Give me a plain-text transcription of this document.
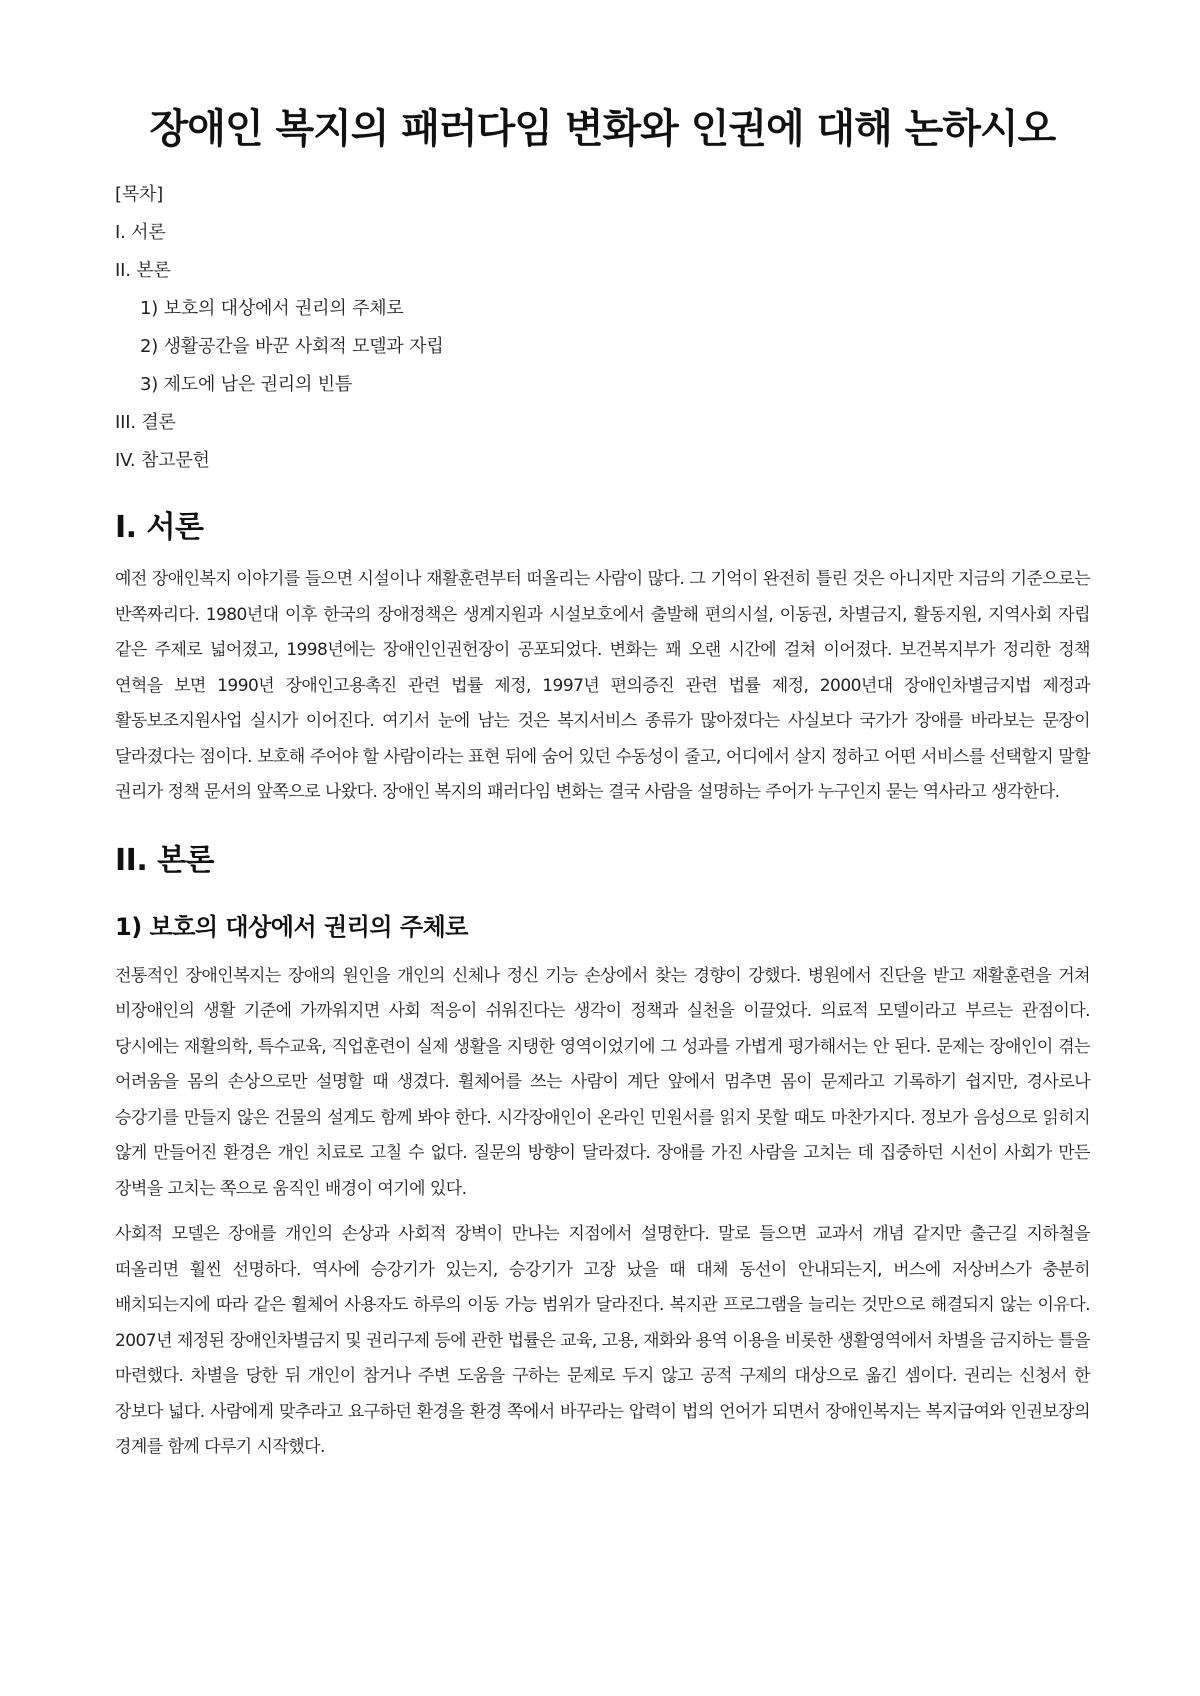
장애인 복지의 패러다임 변화와 인권에 대해 논하시오
[목차]
I. 서론
II. 본론
1) 보호의 대상에서 권리의 주체로
2) 생활공간을 바꾼 사회적 모델과 자립
3) 제도에 남은 권리의 빈틈
III. 결론
IV. 참고문헌
I. 서론

예전 장애인복지 이야기를 들으면 시설이나 재활훈련부터 떠올리는 사람이 많다. 그 기억이 완전히 틀린 것은 아니지만 지금의 기준으로는 반쪽짜리다. 1980년대 이후 한국의 장애정책은 생계지원과 시설보호에서 출발해 편의시설, 이동권, 차별금지, 활동지원, 지역사회 자립 같은 주제로 넓어졌고, 1998년에는 장애인인권헌장이 공포되었다. 변화는 꽤 오랜 시간에 걸쳐 이어졌다. 보건복지부가 정리한 정책 연혁을 보면 1990년 장애인고용촉진 관련 법률 제정, 1997년 편의증진 관련 법률 제정, 2000년대 장애인차별금지법 제정과 활동보조지원사업 실시가 이어진다. 여기서 눈에 남는 것은 복지서비스 종류가 많아졌다는 사실보다 국가가 장애를 바라보는 문장이 달라졌다는 점이다. 보호해 주어야 할 사람이라는 표현 뒤에 숨어 있던 수동성이 줄고, 어디에서 살지 정하고 어떤 서비스를 선택할지 말할 권리가 정책 문서의 앞쪽으로 나왔다. 장애인 복지의 패러다임 변화는 결국 사람을 설명하는 주어가 누구인지 묻는 역사라고 생각한다.

II. 본론
1) 보호의 대상에서 권리의 주체로

전통적인 장애인복지는 장애의 원인을 개인의 신체나 정신 기능 손상에서 찾는 경향이 강했다. 병원에서 진단을 받고 재활훈련을 거쳐 비장애인의 생활 기준에 가까워지면 사회 적응이 쉬워진다는 생각이 정책과 실천을 이끌었다. 의료적 모델이라고 부르는 관점이다. 당시에는 재활의학, 특수교육, 직업훈련이 실제 생활을 지탱한 영역이었기에 그 성과를 가볍게 평가해서는 안 된다. 문제는 장애인이 겪는 어려움을 몸의 손상으로만 설명할 때 생겼다. 휠체어를 쓰는 사람이 계단 앞에서 멈추면 몸이 문제라고 기록하기 쉽지만, 경사로나 승강기를 만들지 않은 건물의 설계도 함께 봐야 한다. 시각장애인이 온라인 민원서를 읽지 못할 때도 마찬가지다. 정보가 음성으로 읽히지 않게 만들어진 환경은 개인 치료로 고칠 수 없다. 질문의 방향이 달라졌다. 장애를 가진 사람을 고치는 데 집중하던 시선이 사회가 만든 장벽을 고치는 쪽으로 움직인 배경이 여기에 있다.

사회적 모델은 장애를 개인의 손상과 사회적 장벽이 만나는 지점에서 설명한다. 말로 들으면 교과서 개념 같지만 출근길 지하철을 떠올리면 훨씬 선명하다. 역사에 승강기가 있는지, 승강기가 고장 났을 때 대체 동선이 안내되는지, 버스에 저상버스가 충분히 배치되는지에 따라 같은 휠체어 사용자도 하루의 이동 가능 범위가 달라진다. 복지관 프로그램을 늘리는 것만으로 해결되지 않는 이유다. 2007년 제정된 장애인차별금지 및 권리구제 등에 관한 법률은 교육, 고용, 재화와 용역 이용을 비롯한 생활영역에서 차별을 금지하는 틀을 마련했다. 차별을 당한 뒤 개인이 참거나 주변 도움을 구하는 문제로 두지 않고 공적 구제의 대상으로 옮긴 셈이다. 권리는 신청서 한 장보다 넓다. 사람에게 맞추라고 요구하던 환경을 환경 쪽에서 바꾸라는 압력이 법의 언어가 되면서 장애인복지는 복지급여와 인권보장의 경계를 함께 다루기 시작했다.
